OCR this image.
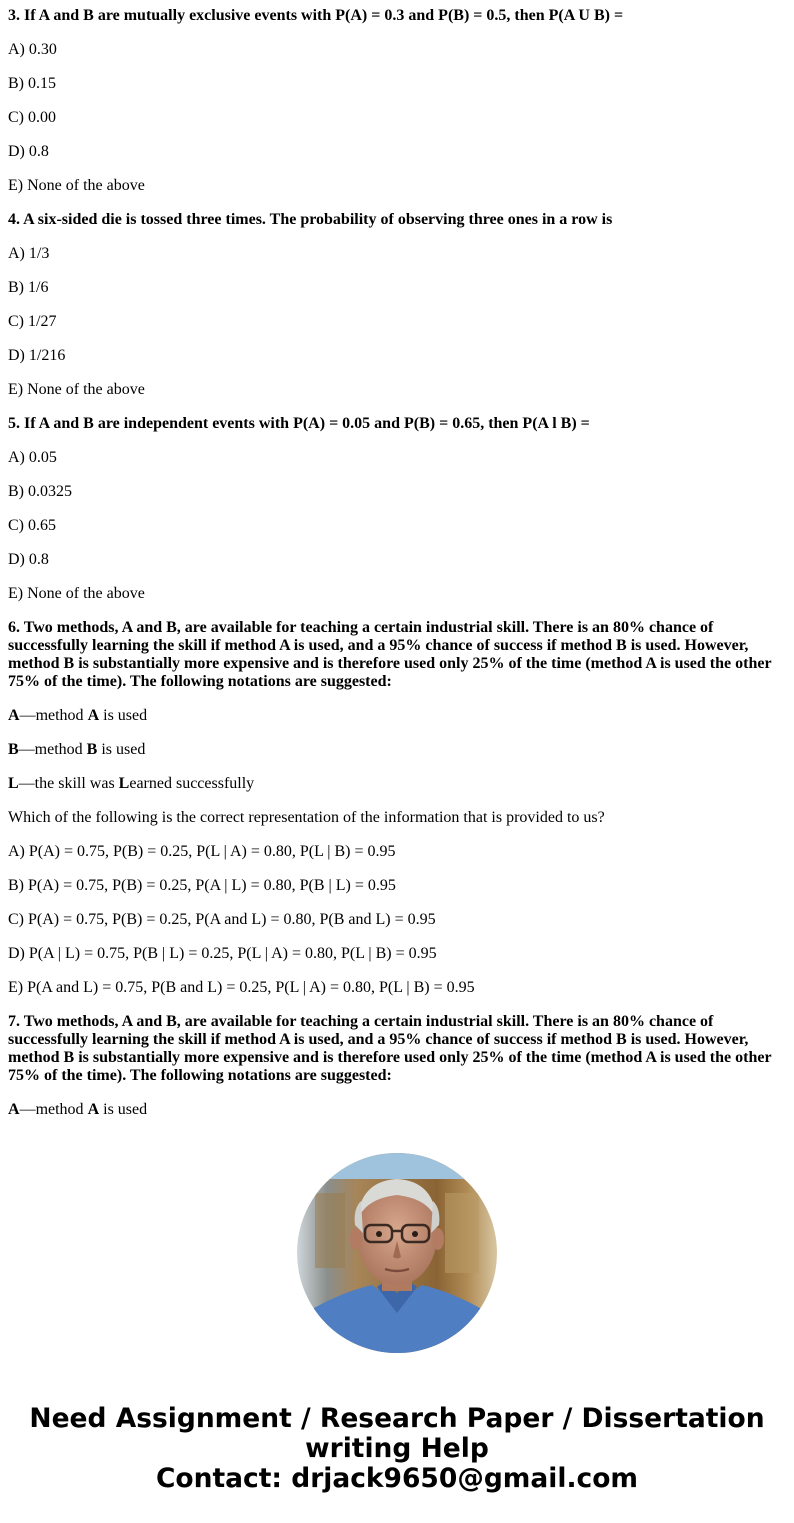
3. If A and B are mutually exclusive events with P(A) = 0.3 and P(B) = 0.5, then P(A U B) =
A) 0.30
B) 0.15
C) 0.00
D) 0.8
E) None of the above
4. A six-sided die is tossed three times. The probability of observing three ones in a row is
A) 1/3
B) 1/6
C) 1/27
D) 1/216
E) None of the above
5. If A and B are independent events with P(A) = 0.05 and P(B) = 0.65, then P(A l B) =
A) 0.05
B) 0.0325
C) 0.65
D) 0.8
E) None of the above
6. Two methods, A and B, are available for teaching a certain industrial skill. There is an 80% chance of successfully learning the skill if method A is used, and a 95% chance of success if method B is used. However, method B is substantially more expensive and is therefore used only 25% of the time (method A is used the other 75% of the time). The following notations are suggested:
A—method A is used
B—method B is used
L—the skill was Learned successfully
Which of the following is the correct representation of the information that is provided to us?
A) P(A) = 0.75, P(B) = 0.25, P(L | A) = 0.80, P(L | B) = 0.95
B) P(A) = 0.75, P(B) = 0.25, P(A | L) = 0.80, P(B | L) = 0.95
C) P(A) = 0.75, P(B) = 0.25, P(A and L) = 0.80, P(B and L) = 0.95
D) P(A | L) = 0.75, P(B | L) = 0.25, P(L | A) = 0.80, P(L | B) = 0.95
E) P(A and L) = 0.75, P(B and L) = 0.25, P(L | A) = 0.80, P(L | B) = 0.95
7. Two methods, A and B, are available for teaching a certain industrial skill. There is an 80% chance of successfully learning the skill if method A is used, and a 95% chance of success if method B is used. However, method B is substantially more expensive and is therefore used only 25% of the time (method A is used the other 75% of the time). The following notations are suggested:
A—method A is used
Need Assignment / Research Paper / Dissertation
writing Help
Contact: drjack9650@gmail.com
